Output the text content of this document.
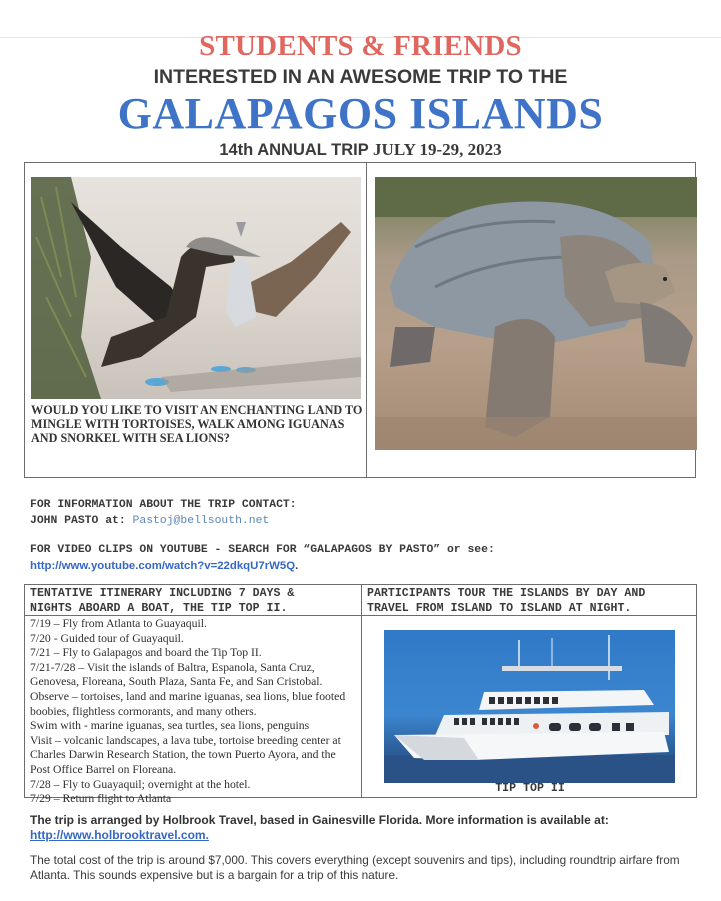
STUDENTS & FRIENDS
INTERESTED IN AN AWESOME TRIP TO THE
GALAPAGOS ISLANDS
14th ANNUAL TRIP JULY 19-29, 2023
WOULD YOU LIKE TO VISIT AN ENCHANTING LAND TO MINGLE WITH TORTOISES, WALK AMONG IGUANAS AND SNORKEL WITH SEA LIONS?
FOR INFORMATION ABOUT THE TRIP CONTACT:
JOHN PASTO at: Pastoj@bellsouth.net
FOR VIDEO CLIPS ON YOUTUBE - SEARCH FOR “GALAPAGOS BY PASTO” or see:
http://www.youtube.com/watch?v=22dkqU7rW5Q.
TENTATIVE ITINERARY INCLUDING 7 DAYS &
NIGHTS ABOARD A BOAT, THE TIP TOP II.
PARTICIPANTS TOUR THE ISLANDS BY DAY AND
TRAVEL FROM ISLAND TO ISLAND AT NIGHT.
7/19 – Fly from Atlanta to Guayaquil.
7/20 - Guided tour of Guayaquil.
7/21 – Fly to Galapagos and board the Tip Top II.
7/21-7/28 – Visit the islands of Baltra, Espanola, Santa Cruz,
Genovesa, Floreana, South Plaza, Santa Fe, and San Cristobal.
Observe – tortoises, land and marine iguanas, sea lions, blue footed
boobies, flightless cormorants, and many others.
Swim with - marine iguanas, sea turtles, sea lions, penguins
Visit – volcanic landscapes, a lava tube, tortoise breeding center at
Charles Darwin Research Station, the town Puerto Ayora, and the
Post Office Barrel on Floreana.
7/28 – Fly to Guayaquil; overnight at the hotel.
7/29 – Return flight to Atlanta
TIP TOP II
The trip is arranged by Holbrook Travel, based in Gainesville Florida. More information is available at:
http://www.holbrooktravel.com.
The total cost of the trip is around $7,000. This covers everything (except souvenirs and tips), including roundtrip airfare from Atlanta. This sounds expensive but is a bargain for a trip of this nature.
